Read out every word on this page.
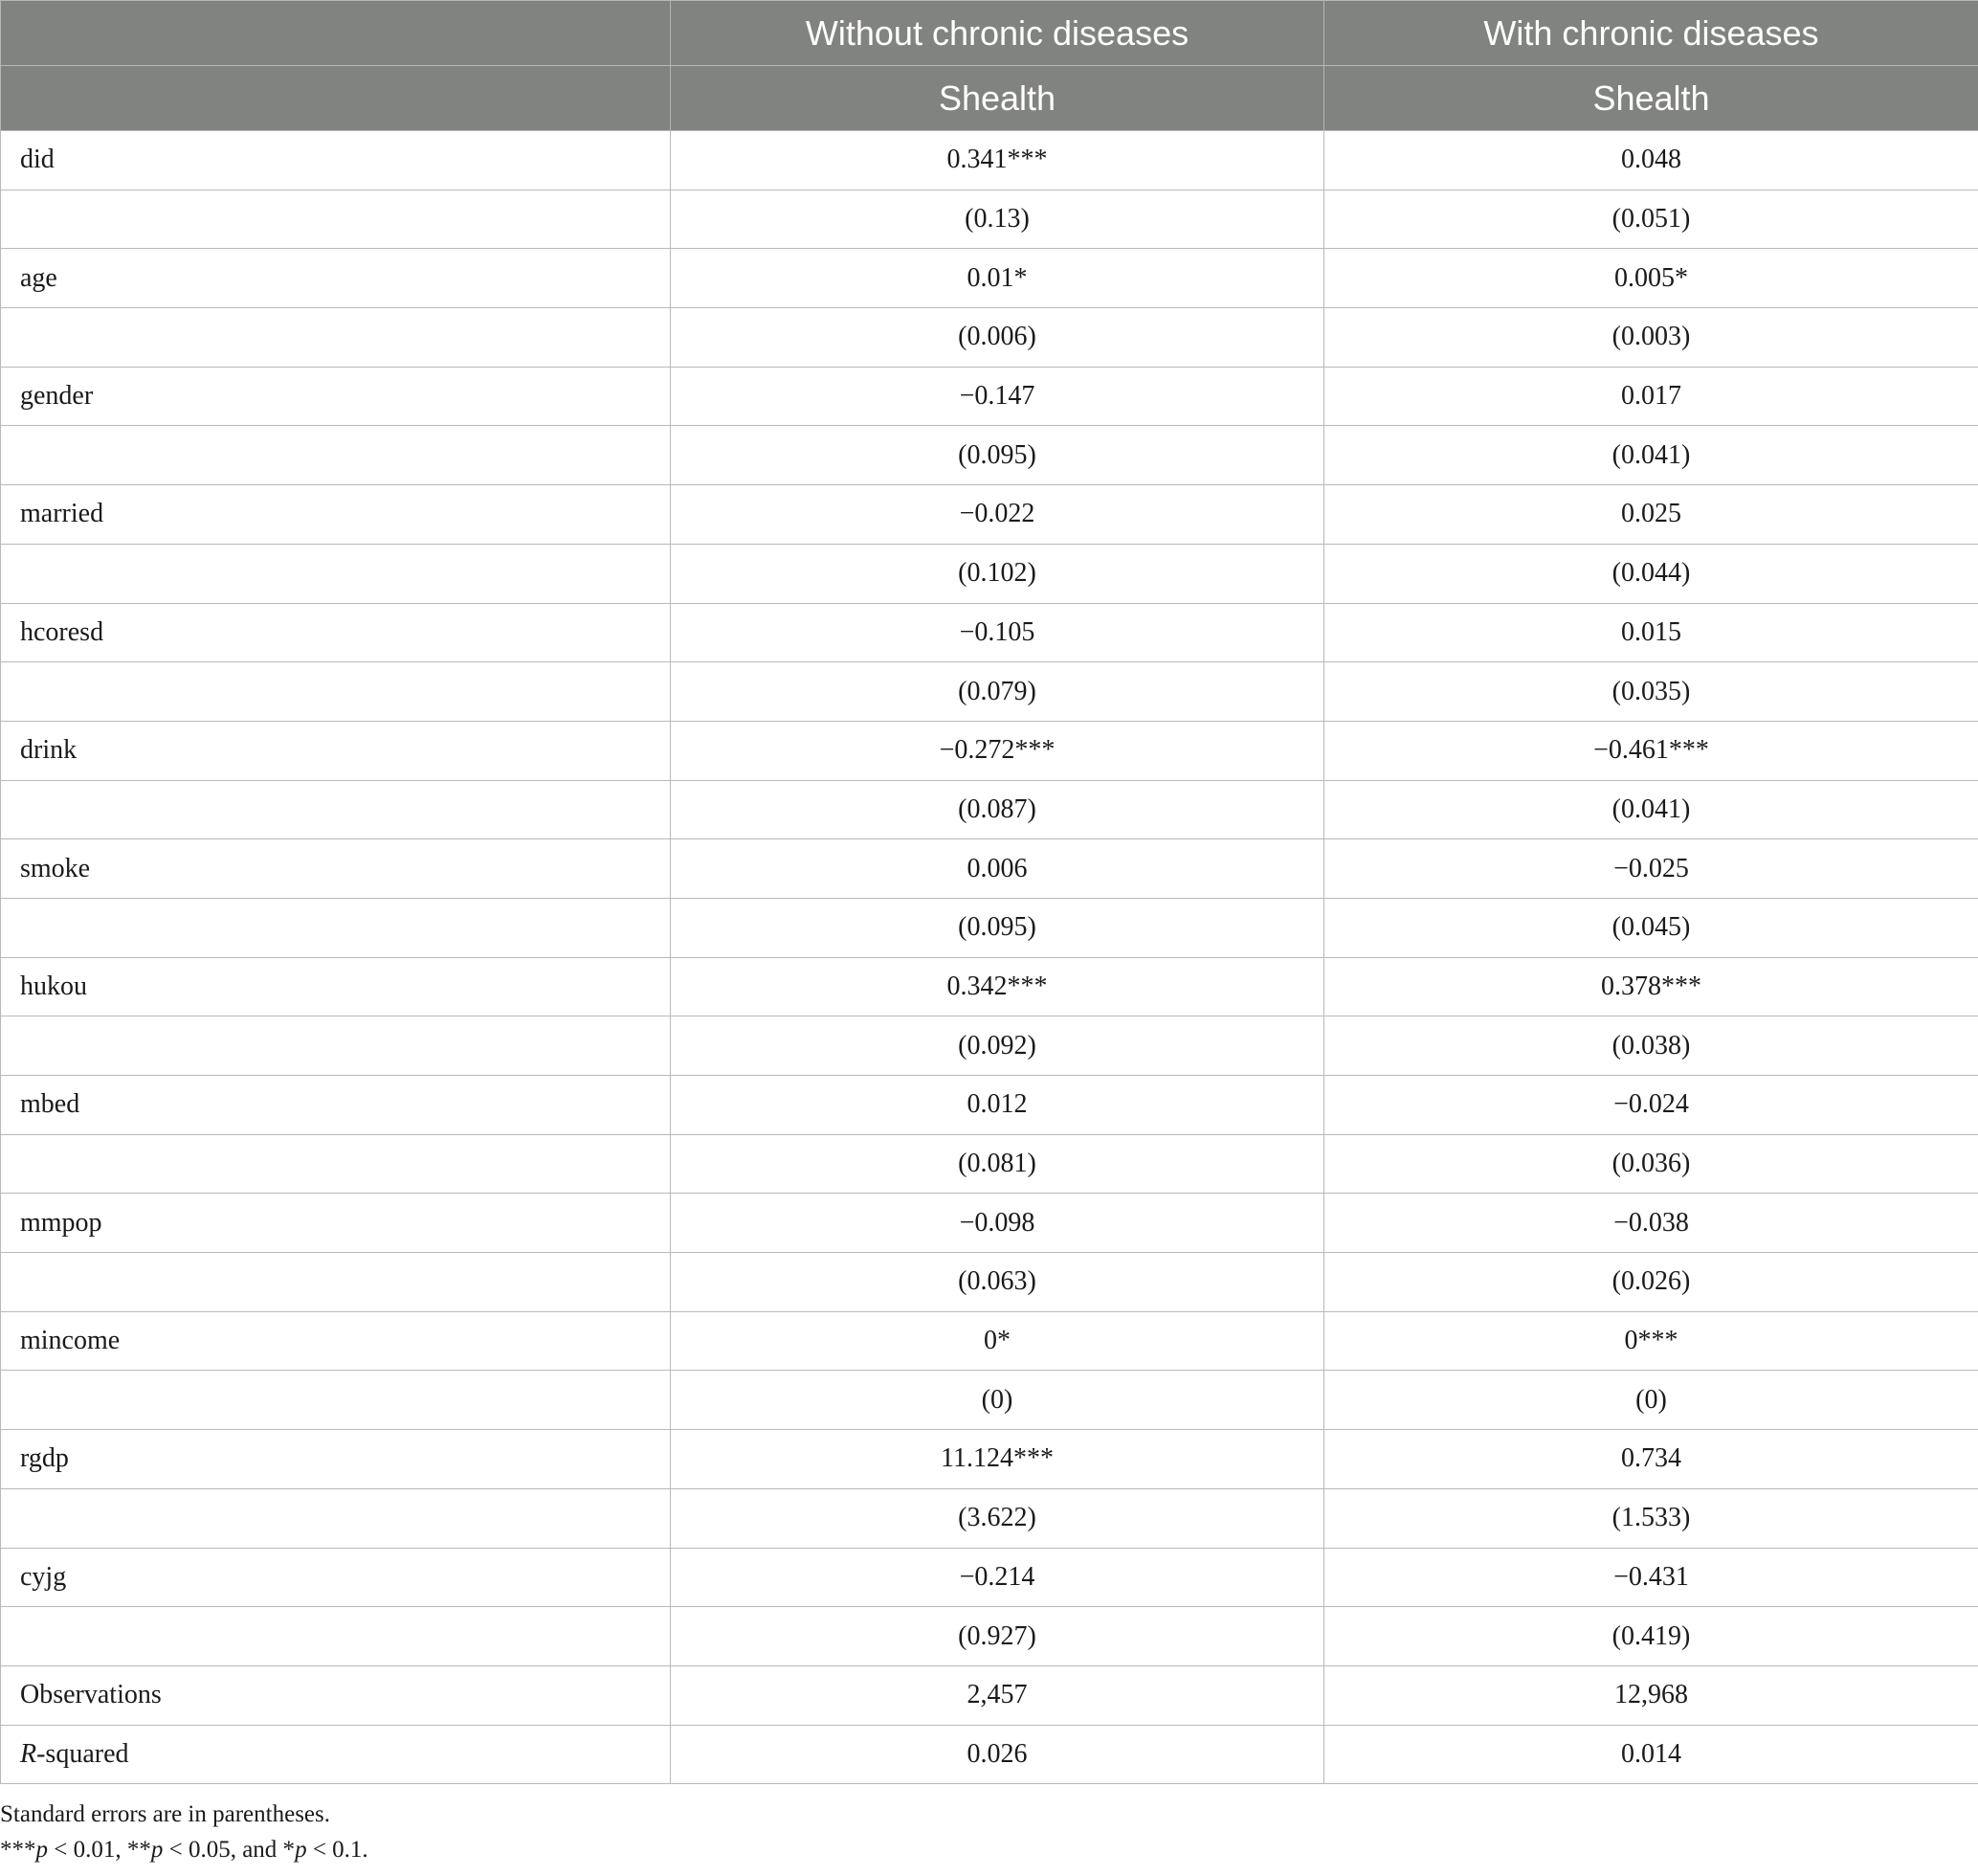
	Without chronic diseases	With chronic diseases
	Shealth	Shealth
did	0.341***	0.048
	(0.13)	(0.051)
age	0.01*	0.005*
	(0.006)	(0.003)
gender	−0.147	0.017
	(0.095)	(0.041)
married	−0.022	0.025
	(0.102)	(0.044)
hcoresd	−0.105	0.015
	(0.079)	(0.035)
drink	−0.272***	−0.461***
	(0.087)	(0.041)
smoke	0.006	−0.025
	(0.095)	(0.045)
hukou	0.342***	0.378***
	(0.092)	(0.038)
mbed	0.012	−0.024
	(0.081)	(0.036)
mmpop	−0.098	−0.038
	(0.063)	(0.026)
mincome	0*	0***
	(0)	(0)
rgdp	11.124***	0.734
	(3.622)	(1.533)
cyjg	−0.214	−0.431
	(0.927)	(0.419)
Observations	2,457	12,968
R-squared	0.026	0.014
Standard errors are in parentheses.
***p < 0.01, **p < 0.05, and *p < 0.1.
